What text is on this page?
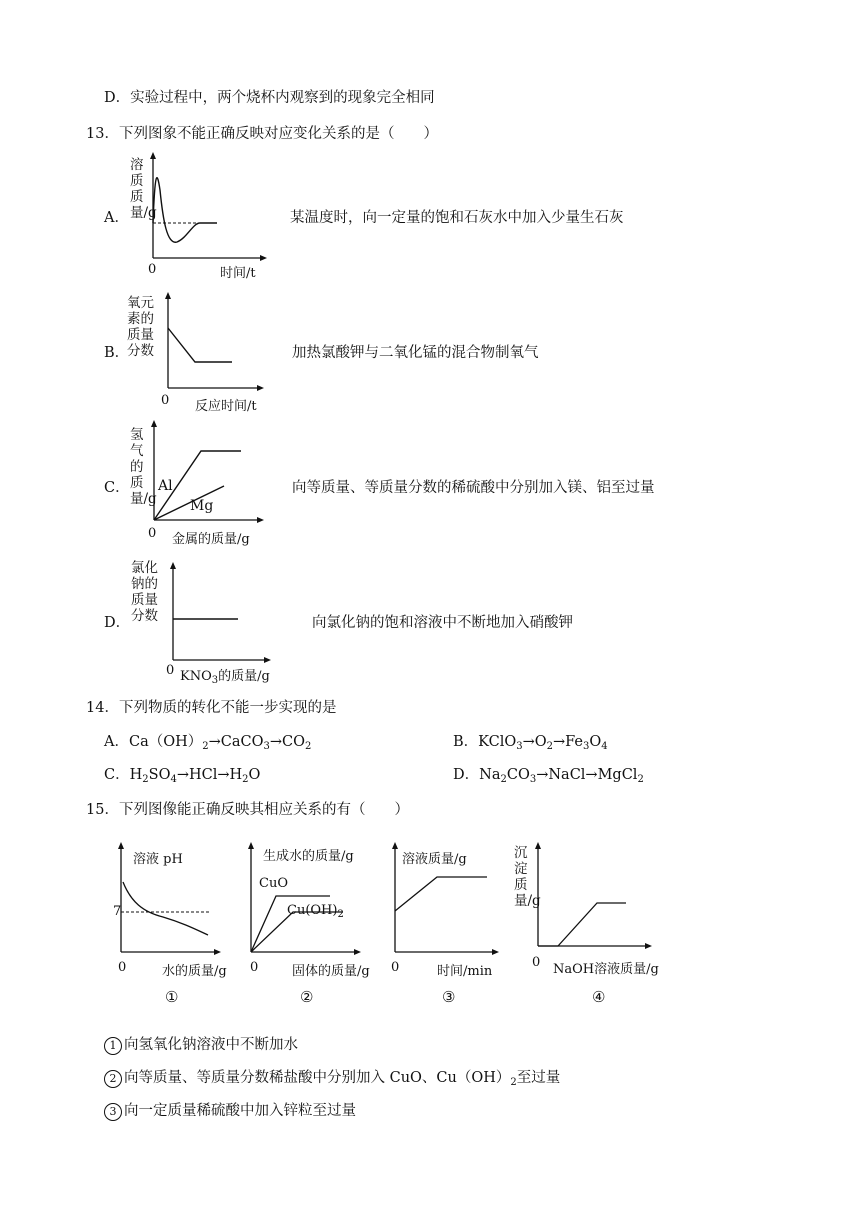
D．实验过程中，两个烧杯内观察到的现象完全相同
13．下列图象不能正确反映对应变化关系的是（　　）
A．
溶质质量/g
0	时间/t
某温度时，向一定量的饱和石灰水中加入少量生石灰
B．
氧元素的质量分数
0 反应时间/t
加热氯酸钾与二氧化锰的混合物制氧气
C．
氢气的质量/g
Al
Mg
0 金属的质量/g
向等质量、等质量分数的稀硫酸中分别加入镁、铝至过量
D．
氯化钠的质量分数
0 $KNO_3$的质量/g
向氯化钠的饱和溶液中不断地加入硝酸钾
14．下列物质的转化不能一步实现的是
A．$Ca(OH)_2\to CaCO_3\to CO_2$	B．$KClO_3\to O_2\to Fe_3O_4$
C．$H_2SO_4\to HCl\to H_2O$	D．$Na_2CO_3\to NaCl\to MgCl_2$
15．下列图像能正确反映其相应关系的有（　　）
溶液 pH
7
0	水的质量/g
①
生成水的质量/g
CuO
$Cu(OH)_2$
0	固体的质量/g
②
溶液质量/g
0	时间/min
③
沉淀质量/g
0 NaOH溶液质量/g
④
1 向氢氧化钠溶液中不断加水
2 向等质量、等质量分数稀盐酸中分别加入 CuO、$Cu(OH)_2$至过量
3 向一定质量稀硫酸中加入锌粒至过量
